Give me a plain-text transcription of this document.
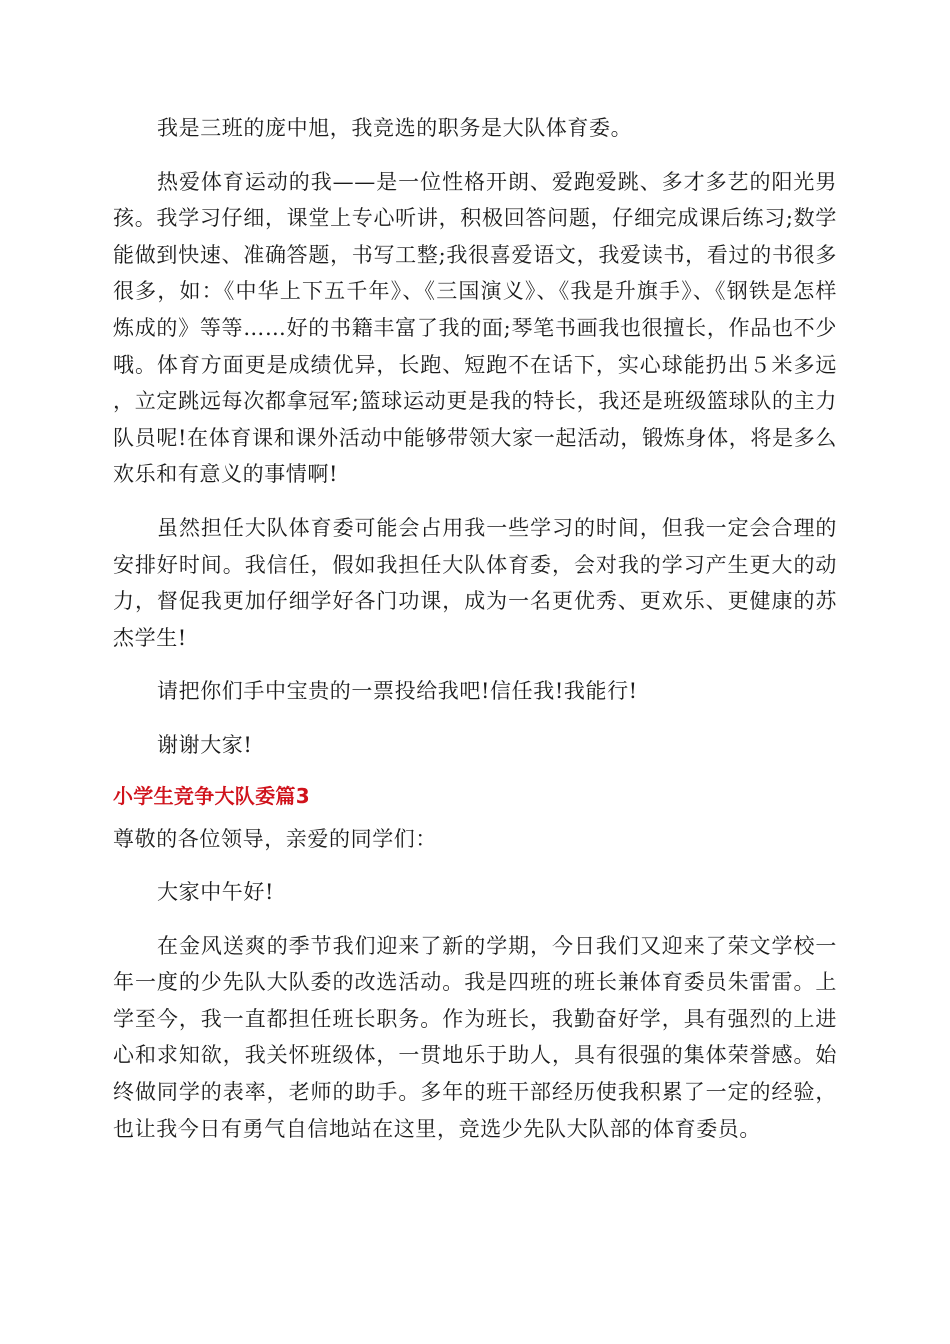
我是三班的庞中旭，我竞选的职务是大队体育委。

热爱体育运动的我——是一位性格开朗、爱跑爱跳、多才多艺的阳光男孩。我学习仔细，课堂上专心听讲，积极回答问题，仔细完成课后练习;数学能做到快速、准确答题，书写工整;我很喜爱语文，我爱读书，看过的书很多很多，如：《中华上下五千年》、《三国演义》、《我是升旗手》、《钢铁是怎样炼成的》等等……好的书籍丰富了我的面;琴笔书画我也很擅长，作品也不少哦。体育方面更是成绩优异，长跑、短跑不在话下，实心球能扔出５米多远，立定跳远每次都拿冠军;篮球运动更是我的特长，我还是班级篮球队的主力队员呢!在体育课和课外活动中能够带领大家一起活动，锻炼身体，将是多么欢乐和有意义的事情啊!

虽然担任大队体育委可能会占用我一些学习的时间，但我一定会合理的安排好时间。我信任，假如我担任大队体育委，会对我的学习产生更大的动力，督促我更加仔细学好各门功课，成为一名更优秀、更欢乐、更健康的苏杰学生!

请把你们手中宝贵的一票投给我吧!信任我!我能行!

谢谢大家!

小学生竞争大队委篇3

尊敬的各位领导，亲爱的同学们：

大家中午好!

在金风送爽的季节我们迎来了新的学期，今日我们又迎来了荣文学校一年一度的少先队大队委的改选活动。我是四班的班长兼体育委员朱雷雷。上学至今，我一直都担任班长职务。作为班长，我勤奋好学，具有强烈的上进心和求知欲，我关怀班级体，一贯地乐于助人，具有很强的集体荣誉感。始终做同学的表率，老师的助手。多年的班干部经历使我积累了一定的经验，也让我今日有勇气自信地站在这里，竞选少先队大队部的体育委员。
